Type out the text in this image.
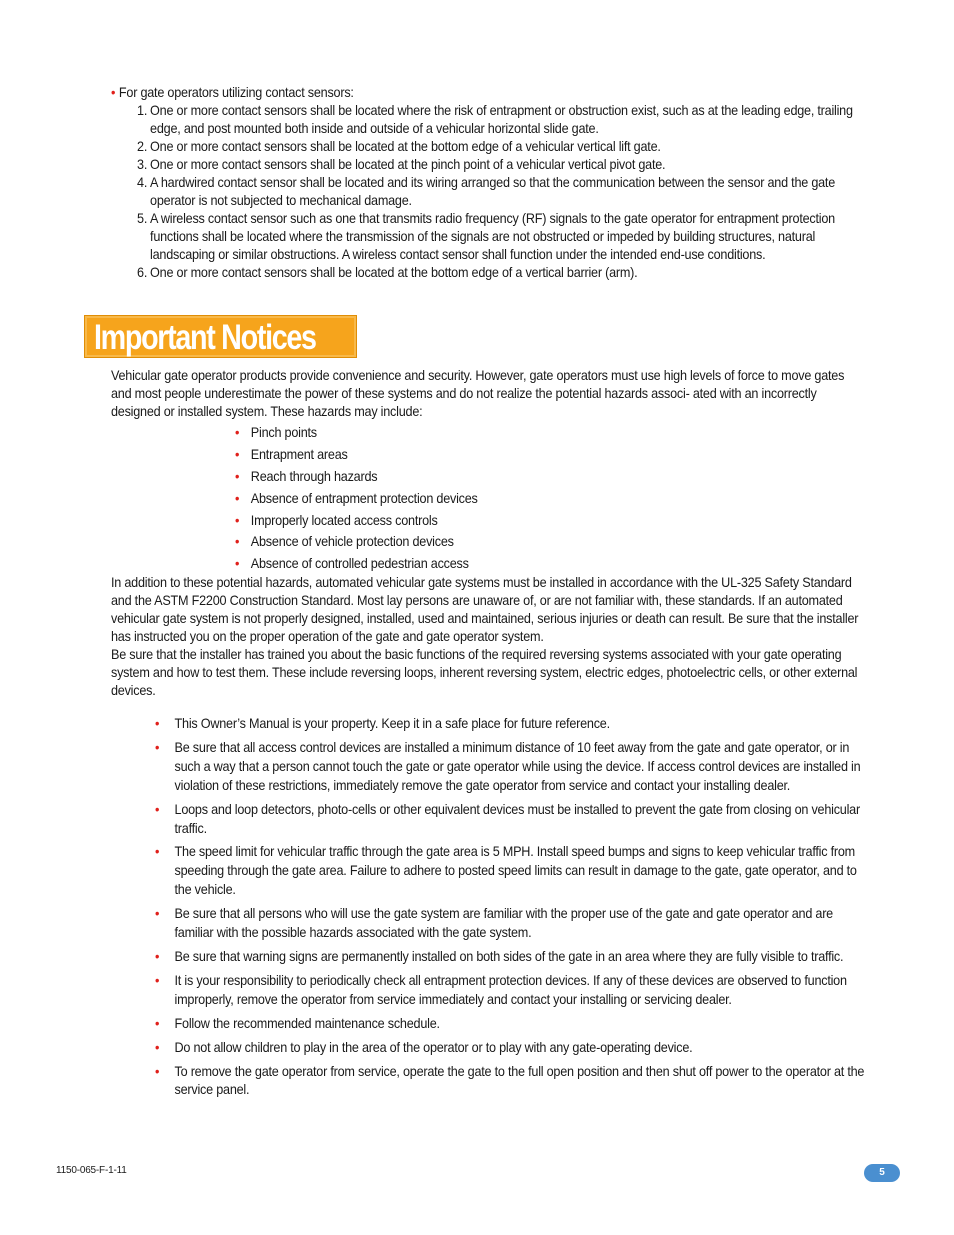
• For gate operators utilizing contact sensors:
1. One or more contact sensors shall be located where the risk of entrapment or obstruction exist, such as at the leading edge, trailing edge, and post mounted both inside and outside of a vehicular horizontal slide gate.
2. One or more contact sensors shall be located at the bottom edge of a vehicular vertical lift gate.
3. One or more contact sensors shall be located at the pinch point of a vehicular vertical pivot gate.
4. A hardwired contact sensor shall be located and its wiring arranged so that the communication between the sensor and the gate operator is not subjected to mechanical damage.
5. A wireless contact sensor such as one that transmits radio frequency (RF) signals to the gate operator for entrapment protection functions shall be located where the transmission of the signals are not obstructed or impeded by building structures, natural landscaping or similar obstructions. A wireless contact sensor shall function under the intended end-use conditions.
6. One or more contact sensors shall be located at the bottom edge of a vertical barrier (arm).
Important Notices

Vehicular gate operator products provide convenience and security. However, gate operators must use high levels of force to move gates and most people underestimate the power of these systems and do not realize the potential hazards associ- ated with an incorrectly designed or installed system. These hazards may include:

• Pinch points
• Entrapment areas
• Reach through hazards
• Absence of entrapment protection devices
• Improperly located access controls
• Absence of vehicle protection devices
• Absence of controlled pedestrian access

In addition to these potential hazards, automated vehicular gate systems must be installed in accordance with the UL-325 Safety Standard and the ASTM F2200 Construction Standard. Most lay persons are unaware of, or are not familiar with, these standards. If an automated vehicular gate system is not properly designed, installed, used and maintained, serious injuries or death can result. Be sure that the installer has instructed you on the proper operation of the gate and gate operator system.

Be sure that the installer has trained you about the basic functions of the required reversing systems associated with your gate operating system and how to test them. These include reversing loops, inherent reversing system, electric edges, photoelectric cells, or other external devices.

•	This Owner’s Manual is your property. Keep it in a safe place for future reference.
•	Be sure that all access control devices are installed a minimum distance of 10 feet away from the gate and gate operator, or in such a way that a person cannot touch the gate or gate operator while using the device. If access control devices are installed in violation of these restrictions, immediately remove the gate operator from service and contact your installing dealer.
•	Loops and loop detectors, photo-cells or other equivalent devices must be installed to prevent the gate from closing on vehicular traffic.
•	The speed limit for vehicular traffic through the gate area is 5 MPH. Install speed bumps and signs to keep vehicular traffic from speeding through the gate area. Failure to adhere to posted speed limits can result in damage to the gate, gate operator, and to the vehicle.
•	Be sure that all persons who will use the gate system are familiar with the proper use of the gate and gate operator and are familiar with the possible hazards associated with the gate system.
•	Be sure that warning signs are permanently installed on both sides of the gate in an area where they are fully visible to traffic.
•	It is your responsibility to periodically check all entrapment protection devices. If any of these devices are observed to function improperly, remove the operator from service immediately and contact your installing or servicing dealer.
•	Follow the recommended maintenance schedule.
•	Do not allow children to play in the area of the operator or to play with any gate-operating device.
•	To remove the gate operator from service, operate the gate to the full open position and then shut off power to the operator at the service panel.
1150-065-F-1-11	5
